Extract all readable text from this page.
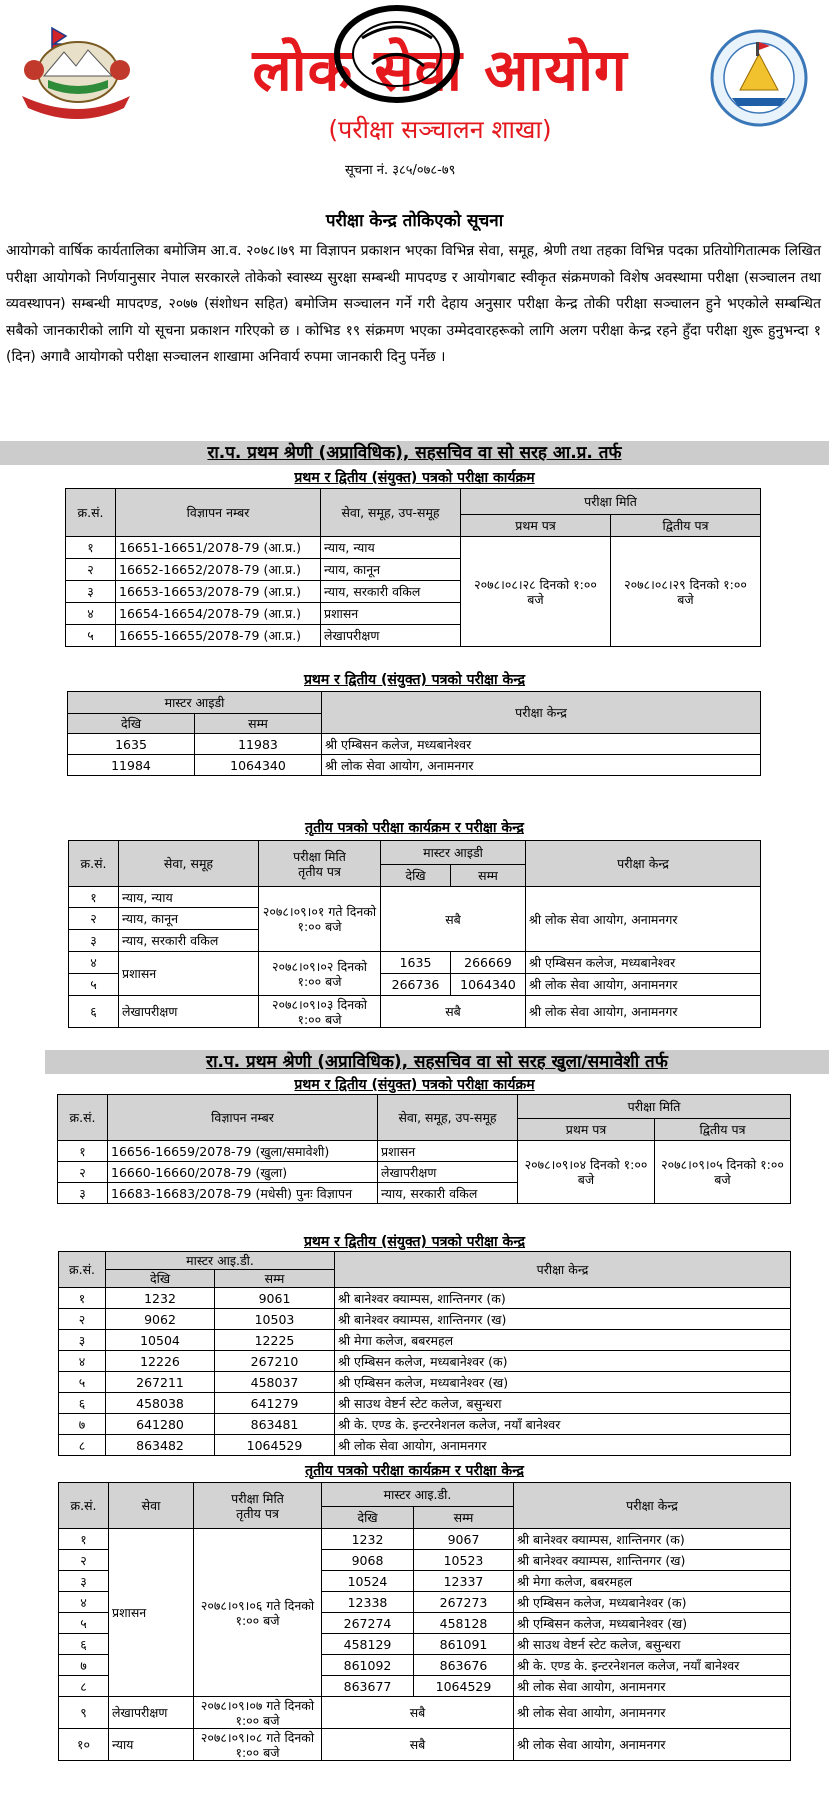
लोक सेवा आयोग
(परीक्षा सञ्चालन शाखा)
सूचना नं. ३८५/०७८-७९
परीक्षा केन्द्र तोकिएको सूचना
आयोगको वार्षिक कार्यतालिका बमोजिम आ.व. २०७८।७९ मा विज्ञापन प्रकाशन भएका विभिन्न सेवा, समूह, श्रेणी तथा तहका विभिन्न पदका प्रतियोगितात्मक लिखित परीक्षा आयोगको निर्णयानुसार नेपाल सरकारले तोकेको स्वास्थ्य सुरक्षा सम्बन्धी मापदण्ड र आयोगबाट स्वीकृत संक्रमणको विशेष अवस्थामा परीक्षा (सञ्चालन तथा व्यवस्थापन) सम्बन्धी मापदण्ड, २०७७ (संशोधन सहित) बमोजिम सञ्चालन गर्ने गरी देहाय अनुसार परीक्षा केन्द्र तोकी परीक्षा सञ्चालन हुने भएकोले सम्बन्धित सबैको जानकारीको लागि यो सूचना प्रकाशन गरिएको छ । कोभिड १९ संक्रमण भएका उम्मेदवारहरूको लागि अलग परीक्षा केन्द्र रहने हुँदा परीक्षा शुरू हुनुभन्दा १ (दिन) अगावै आयोगको परीक्षा सञ्चालन शाखामा अनिवार्य रुपमा जानकारी दिनु पर्नेछ ।
रा.प. प्रथम श्रेणी (अप्राविधिक), सहसचिव वा सो सरह आ.प्र. तर्फ
प्रथम र द्वितीय (संयुक्त) पत्रको परीक्षा कार्यक्रम
क्र.सं.	विज्ञापन नम्बर	सेवा, समूह, उप-समूह	परीक्षा मिति	
			प्रथम पत्र	द्वितीय पत्र
१	16651-16651/2078-79 (आ.प्र.)	न्याय, न्याय	२०७८।०८।२८ दिनको १:०० बजे	२०७८।०८।२९ दिनको १:०० बजे
२	16652-16652/2078-79 (आ.प्र.)	न्याय, कानून		
३	16653-16653/2078-79 (आ.प्र.)	न्याय, सरकारी वकिल		
४	16654-16654/2078-79 (आ.प्र.)	प्रशासन		
५	16655-16655/2078-79 (आ.प्र.)	लेखापरीक्षण		
प्रथम र द्वितीय (संयुक्त) पत्रको परीक्षा केन्द्र
मास्टर आइडी		परीक्षा केन्द्र
देखि	सम्म	
1635	11983	श्री एम्बिसन कलेज, मध्यबानेश्वर
11984	1064340	श्री लोक सेवा आयोग, अनामनगर
तृतीय पत्रको परीक्षा कार्यक्रम र परीक्षा केन्द्र
क्र.सं.	सेवा, समूह	परीक्षा मिति
तृतीय पत्र	मास्टर आइडी		परीक्षा केन्द्र
			देखि	सम्म	
१	न्याय, न्याय	२०७८।०९।०१ गते दिनको १:०० बजे	सबै		श्री लोक सेवा आयोग, अनामनगर
२	न्याय, कानून				
३	न्याय, सरकारी वकिल				
४	प्रशासन	२०७८।०९।०२ दिनको १:०० बजे	1635	266669	श्री एम्बिसन कलेज, मध्यबानेश्वर
५			266736	1064340	श्री लोक सेवा आयोग, अनामनगर
६	लेखापरीक्षण	२०७८।०९।०३ दिनको १:०० बजे	सबै		श्री लोक सेवा आयोग, अनामनगर
रा.प. प्रथम श्रेणी (अप्राविधिक), सहसचिव वा सो सरह खुला/समावेशी तर्फ
प्रथम र द्वितीय (संयुक्त) पत्रको परीक्षा कार्यक्रम
क्र.सं.	विज्ञापन नम्बर	सेवा, समूह, उप-समूह	परीक्षा मिति	
			प्रथम पत्र	द्वितीय पत्र
१	16656-16659/2078-79 (खुला/समावेशी)	प्रशासन	२०७८।०९।०४ दिनको १:०० बजे	२०७८।०९।०५ दिनको १:०० बजे
२	16660-16660/2078-79 (खुला)	लेखापरीक्षण		
३	16683-16683/2078-79 (मधेसी) पुनः विज्ञापन	न्याय, सरकारी वकिल		
प्रथम र द्वितीय (संयुक्त) पत्रको परीक्षा केन्द्र
क्र.सं.	मास्टर आइ.डी.		परीक्षा केन्द्र
	देखि	सम्म	
१	1232	9061	श्री बानेश्वर क्याम्पस, शान्तिनगर (क)
२	9062	10503	श्री बानेश्वर क्याम्पस, शान्तिनगर (ख)
३	10504	12225	श्री मेगा कलेज, बबरमहल
४	12226	267210	श्री एम्बिसन कलेज, मध्यबानेश्वर (क)
५	267211	458037	श्री एम्बिसन कलेज, मध्यबानेश्वर (ख)
६	458038	641279	श्री साउथ वेष्टर्न स्टेट कलेज, बसुन्धरा
७	641280	863481	श्री के. एण्ड के. इन्टरनेशनल कलेज, नयाँ बानेश्वर
८	863482	1064529	श्री लोक सेवा आयोग, अनामनगर
तृतीय पत्रको परीक्षा कार्यक्रम र परीक्षा केन्द्र
क्र.सं.	सेवा	परीक्षा मिति
तृतीय पत्र	मास्टर आइ.डी.		परीक्षा केन्द्र
			देखि	सम्म	
१	प्रशासन	२०७८।०९।०६ गते दिनको १:०० बजे	1232	9067	श्री बानेश्वर क्याम्पस, शान्तिनगर (क)
२			9068	10523	श्री बानेश्वर क्याम्पस, शान्तिनगर (ख)
३			10524	12337	श्री मेगा कलेज, बबरमहल
४			12338	267273	श्री एम्बिसन कलेज, मध्यबानेश्वर (क)
५			267274	458128	श्री एम्बिसन कलेज, मध्यबानेश्वर (ख)
६			458129	861091	श्री साउथ वेष्टर्न स्टेट कलेज, बसुन्धरा
७			861092	863676	श्री के. एण्ड के. इन्टरनेशनल कलेज, नयाँ बानेश्वर
८			863677	1064529	श्री लोक सेवा आयोग, अनामनगर
९	लेखापरीक्षण	२०७८।०९।०७ गते दिनको १:०० बजे	सबै		श्री लोक सेवा आयोग, अनामनगर
१०	न्याय	२०७८।०९।०८ गते दिनको १:०० बजे	सबै		श्री लोक सेवा आयोग, अनामनगर
